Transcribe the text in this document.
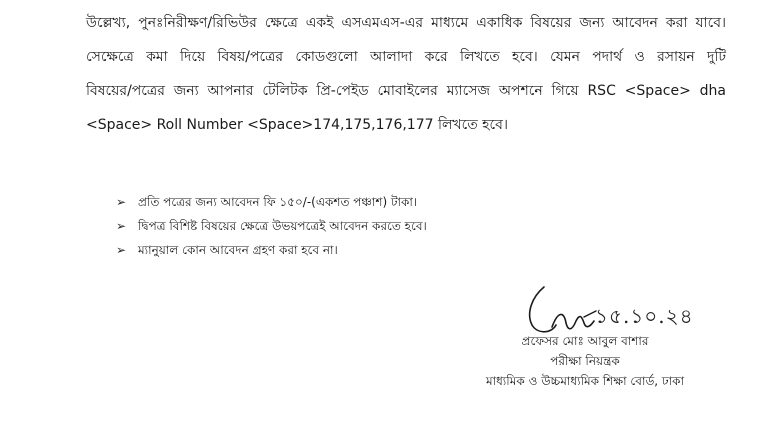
উল্লেখ্য, পুনঃনিরীক্ষণ/রিভিউর ক্ষেত্রে একই এসএমএস-এর মাধ্যমে একাধিক বিষয়ের জন্য আবেদন করা যাবে।
সেক্ষেত্রে কমা দিয়ে বিষয়/পত্রের কোডগুলো আলাদা করে লিখতে হবে। যেমন পদার্থ ও রসায়ন দুটি
বিষয়ের/পত্রের জন্য আপনার টেলিটক প্রি-পেইড মোবাইলের ম্যাসেজ অপশনে গিয়ে RSC <Space> dha
<Space> Roll Number <Space>174,175,176,177 লিখতে হবে।
➢ প্রতি পত্রের জন্য আবেদন ফি ১৫০/-(একশত পঞ্চাশ) টাকা।
➢ দ্বিপত্র বিশিষ্ট বিষয়ের ক্ষেত্রে উভয়পত্রেই আবেদন করতে হবে।
➢ ম্যানুয়াল কোন আবেদন গ্রহণ করা হবে না।
১৫.১০.২৪
প্রফেসর মোঃ আবুল বাশার
পরীক্ষা নিয়ন্ত্রক
মাধ্যমিক ও উচ্চমাধ্যমিক শিক্ষা বোর্ড, ঢাকা
